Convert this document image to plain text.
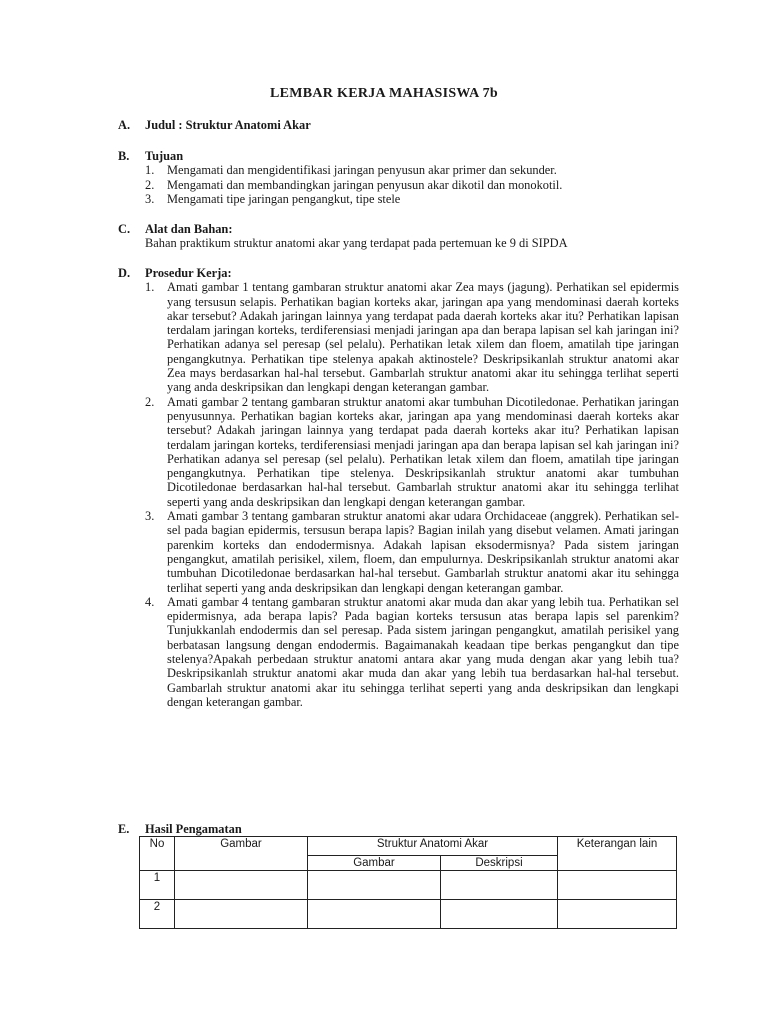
LEMBAR KERJA MAHASISWA 7b
A.	Judul : Struktur Anatomi Akar
B.	Tujuan
1.	Mengamati dan mengidentifikasi jaringan penyusun akar primer dan sekunder.
2.	Mengamati dan membandingkan jaringan penyusun akar dikotil dan monokotil.
3.	Mengamati tipe jaringan pengangkut, tipe stele
C.	Alat dan Bahan:
Bahan praktikum struktur anatomi akar yang terdapat pada pertemuan ke 9 di SIPDA
D.	Prosedur Kerja:
1.	Amati gambar 1 tentang gambaran struktur anatomi akar Zea mays (jagung). Perhatikan sel epidermis yang tersusun selapis. Perhatikan bagian korteks akar, jaringan apa yang mendominasi daerah korteks akar tersebut? Adakah jaringan lainnya yang terdapat pada daerah korteks akar itu? Perhatikan lapisan terdalam jaringan korteks, terdiferensiasi menjadi jaringan apa dan berapa lapisan sel kah jaringan ini? Perhatikan adanya sel peresap (sel pelalu). Perhatikan letak xilem dan floem, amatilah tipe jaringan pengangkutnya. Perhatikan tipe stelenya apakah aktinostele? Deskripsikanlah struktur anatomi akar Zea mays berdasarkan hal-hal tersebut. Gambarlah struktur anatomi akar itu sehingga terlihat seperti yang anda deskripsikan dan lengkapi dengan keterangan gambar.
2.	Amati gambar 2 tentang gambaran struktur anatomi akar tumbuhan Dicotiledonae. Perhatikan jaringan penyusunnya. Perhatikan bagian korteks akar, jaringan apa yang mendominasi daerah korteks akar tersebut? Adakah jaringan lainnya yang terdapat pada daerah korteks akar itu? Perhatikan lapisan terdalam jaringan korteks, terdiferensiasi menjadi jaringan apa dan berapa lapisan sel kah jaringan ini? Perhatikan adanya sel peresap (sel pelalu). Perhatikan letak xilem dan floem, amatilah tipe jaringan pengangkutnya. Perhatikan tipe stelenya. Deskripsikanlah struktur anatomi akar tumbuhan Dicotiledonae berdasarkan hal-hal tersebut. Gambarlah struktur anatomi akar itu sehingga terlihat seperti yang anda deskripsikan dan lengkapi dengan keterangan gambar.
3.	Amati gambar 3 tentang gambaran struktur anatomi akar udara Orchidaceae (anggrek). Perhatikan sel-sel pada bagian epidermis, tersusun berapa lapis? Bagian inilah yang disebut velamen. Amati jaringan parenkim korteks dan endodermisnya. Adakah lapisan eksodermisnya? Pada sistem jaringan pengangkut, amatilah perisikel, xilem, floem, dan empulurnya. Deskripsikanlah struktur anatomi akar tumbuhan Dicotiledonae berdasarkan hal-hal tersebut. Gambarlah struktur anatomi akar itu sehingga terlihat seperti yang anda deskripsikan dan lengkapi dengan keterangan gambar.
4.	Amati gambar 4 tentang gambaran struktur anatomi akar muda dan akar yang lebih tua. Perhatikan sel epidermisnya, ada berapa lapis? Pada bagian korteks tersusun atas berapa lapis sel parenkim? Tunjukkanlah endodermis dan sel peresap. Pada sistem jaringan pengangkut, amatilah perisikel yang berbatasan langsung dengan endodermis. Bagaimanakah keadaan tipe berkas pengangkut dan tipe stelenya?Apakah perbedaan struktur anatomi antara akar yang muda dengan akar yang lebih tua? Deskripsikanlah struktur anatomi akar muda dan akar yang lebih tua berdasarkan hal-hal tersebut. Gambarlah struktur anatomi akar itu sehingga terlihat seperti yang anda deskripsikan dan lengkapi dengan keterangan gambar.
E.	Hasil Pengamatan
No	Gambar	Struktur Anatomi Akar		Keterangan lain
		Gambar	Deskripsi	
1				
2				
